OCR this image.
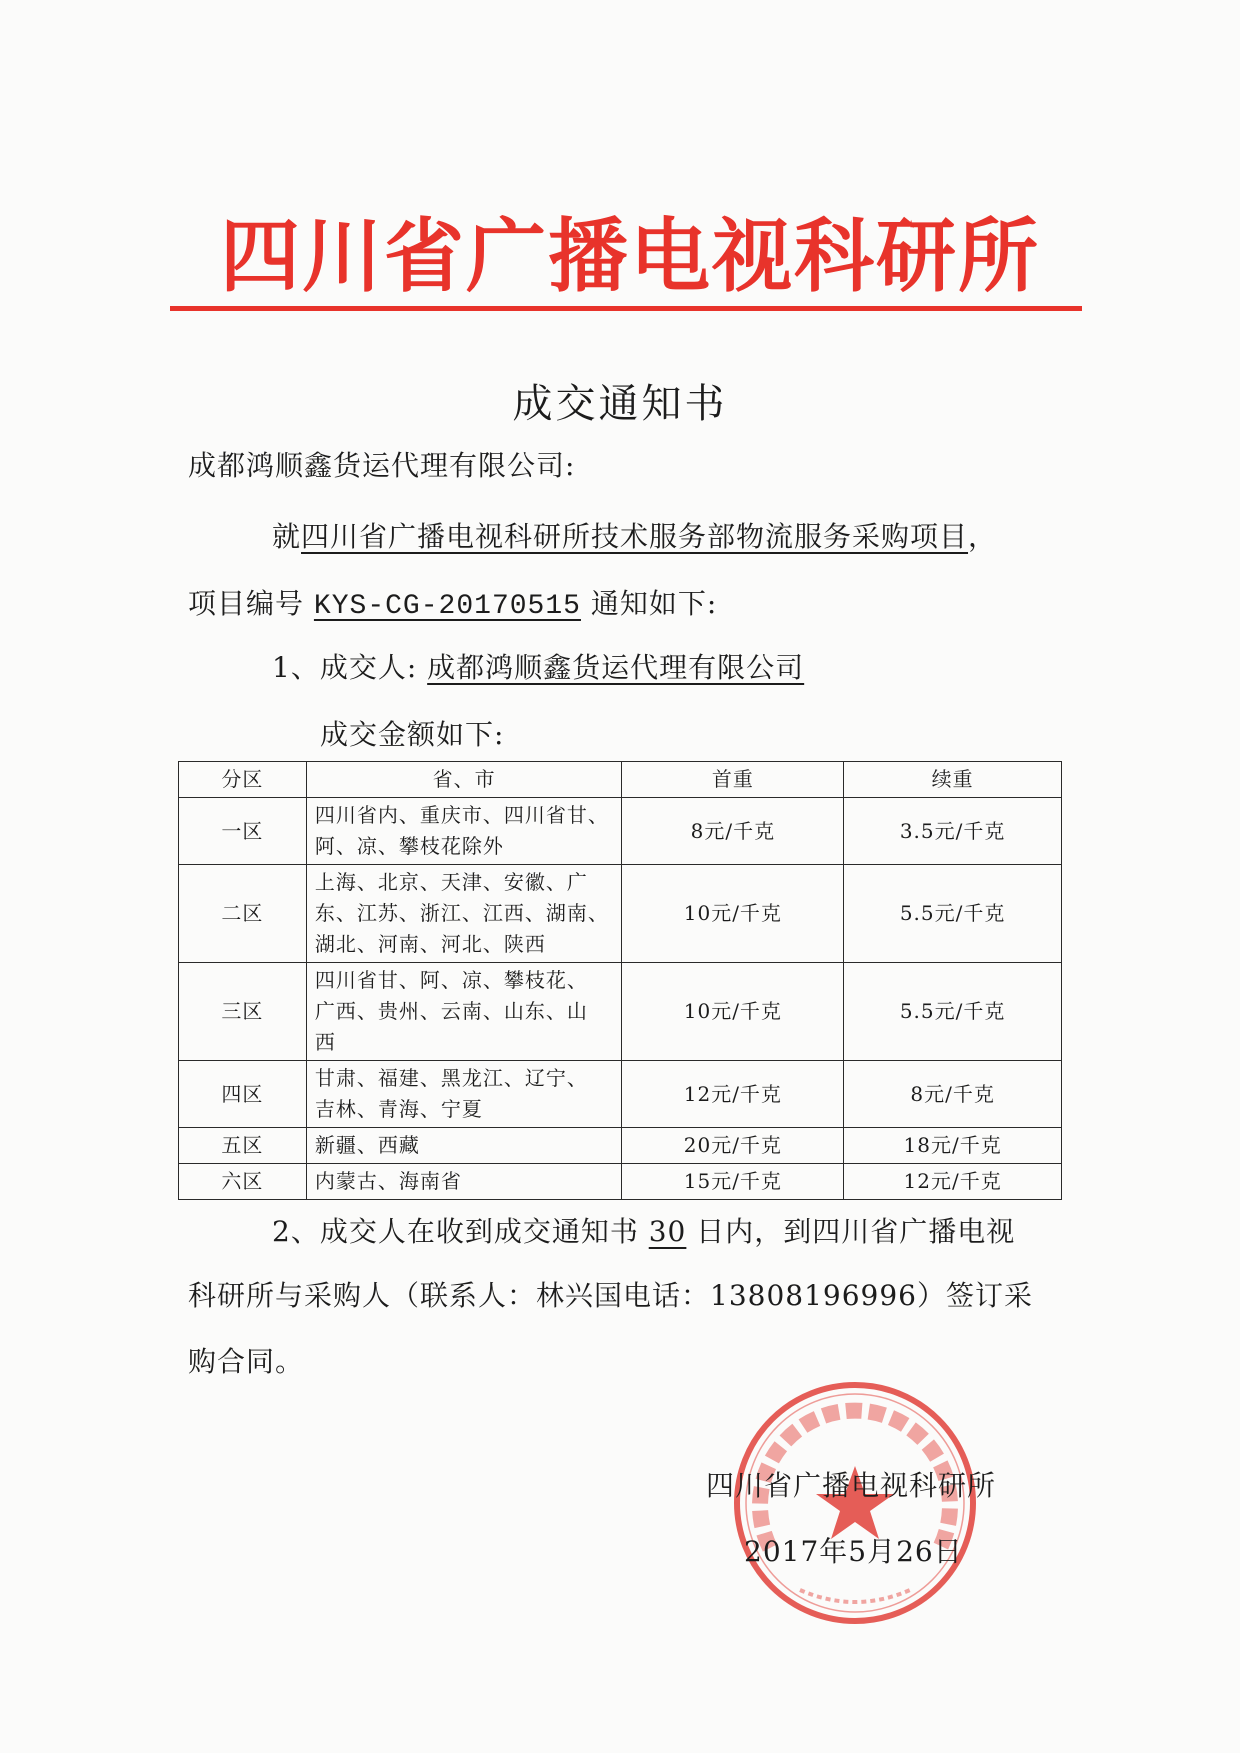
四川省广播电视科研所
成交通知书
成都鸿顺鑫货运代理有限公司:
就四川省广播电视科研所技术服务部物流服务采购项目，
项目编号 KYS-CG-20170515 通知如下:
1、成交人: 成都鸿顺鑫货运代理有限公司
成交金额如下:
分区	省、市	首重	续重
一区	四川省内、重庆市、四川省甘、
阿、凉、攀枝花除外	8元/千克	3.5元/千克
二区	上海、北京、天津、安徽、广
东、江苏、浙江、江西、湖南、
湖北、河南、河北、陕西	10元/千克	5.5元/千克
三区	四川省甘、阿、凉、攀枝花、
广西、贵州、云南、山东、山
西	10元/千克	5.5元/千克
四区	甘肃、福建、黑龙江、辽宁、
吉林、青海、宁夏	12元/千克	8元/千克
五区	新疆、西藏	20元/千克	18元/千克
六区	内蒙古、海南省	15元/千克	12元/千克
2、成交人在收到成交通知书 30 日内，到四川省广播电视
科研所与采购人（联系人：林兴国电话：13808196996）签订采
购合同。
四川省广播电视科研所
2017年5月26日
